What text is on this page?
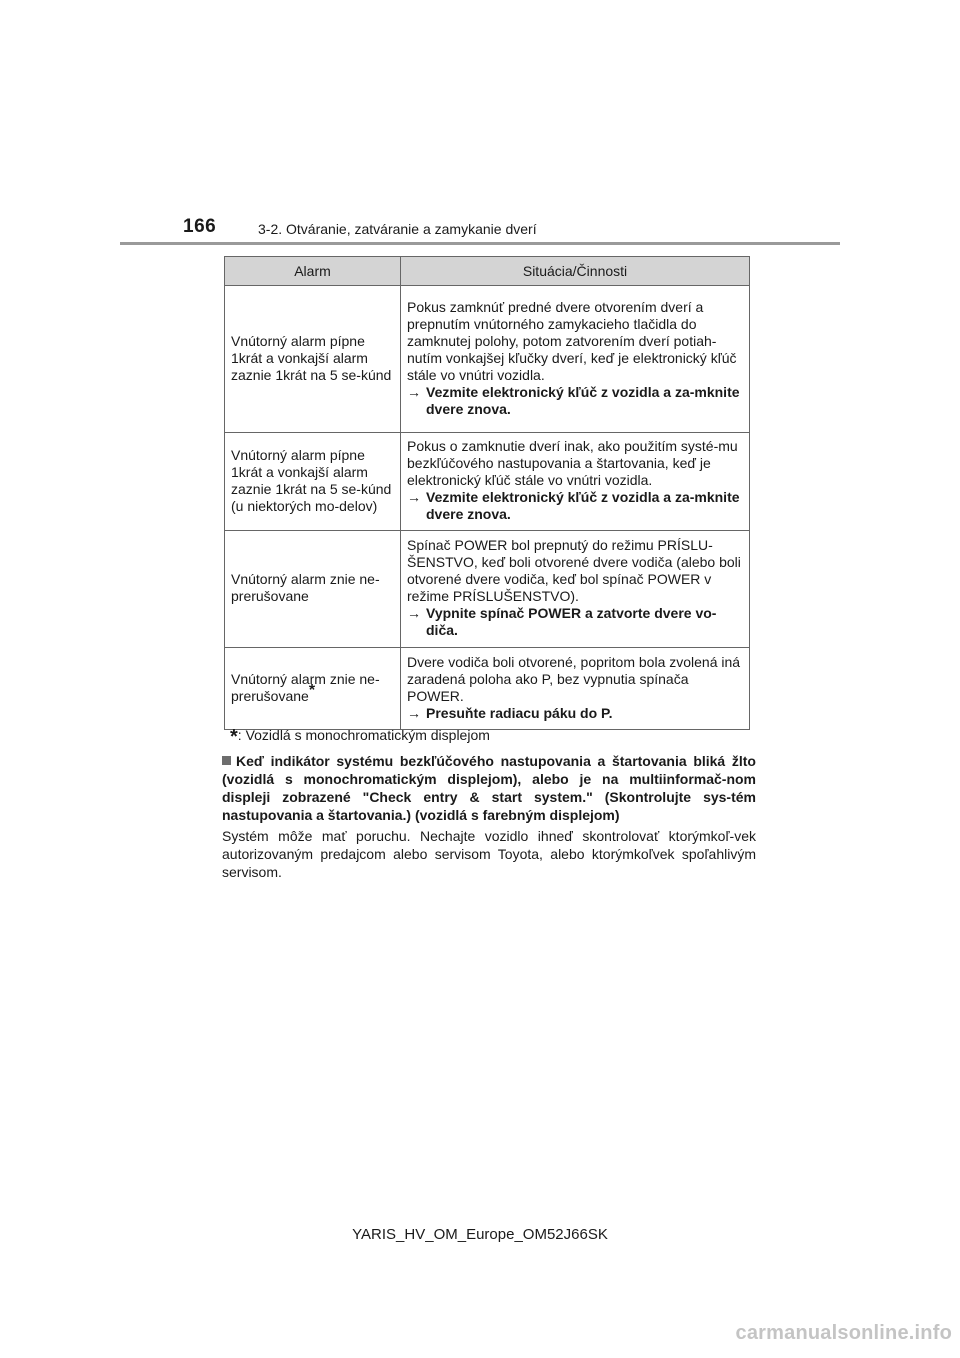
166	3-2. Otváranie, zatváranie a zamykanie dverí
Alarm	Situácia/Činnosti
Vnútorný alarm pípne 1krát a vonkajší alarm zaznie 1krát na 5 se-kúnd	Pokus zamknúť predné dvere otvorením dverí a prepnutím vnútorného zamykacieho tlačidla do zamknutej polohy, potom zatvorením dverí potiah-nutím vonkajšej kľučky dverí, keď je elektronický kľúč stále vo vnútri vozidla.
→ Vezmite elektronický kľúč z vozidla a za-mknite dvere znova.

Vnútorný alarm pípne 1krát a vonkajší alarm zaznie 1krát na 5 se-kúnd (u niektorých mo-delov)	Pokus o zamknutie dverí inak, ako použitím systé-mu bezkľúčového nastupovania a štartovania, keď je elektronický kľúč stále vo vnútri vozidla.
→ Vezmite elektronický kľúč z vozidla a za-mknite dvere znova.

Vnútorný alarm znie ne-prerušovane	Spínač POWER bol prepnutý do režimu PRÍSLU-ŠENSTVO, keď boli otvorené dvere vodiča (alebo boli otvorené dvere vodiča, keď bol spínač POWER v režime PRÍSLUŠENSTVO).
→ Vypnite spínač POWER a zatvorte dvere vo-diča.

Vnútorný alarm znie ne-prerušovane*	Dvere vodiča boli otvorené, popritom bola zvolená iná zaradená poloha ako P, bez vypnutia spínača POWER.
→ Presuňte radiacu páku do P.
*: Vozidlá s monochromatickým displejom
Keď indikátor systému bezkľúčového nastupovania a štartovania bliká žlto (vozidlá s monochromatickým displejom), alebo je na multiinformač-nom displeji zobrazené "Check entry & start system." (Skontrolujte sys-tém nastupovania a štartovania.) (vozidlá s farebným displejom)
Systém môže mať poruchu. Nechajte vozidlo ihneď skontrolovať ktorýmkoľ-vek autorizovaným predajcom alebo servisom Toyota, alebo ktorýmkoľvek spoľahlivým servisom.
YARIS_HV_OM_Europe_OM52J66SK
carmanualsonline.info
